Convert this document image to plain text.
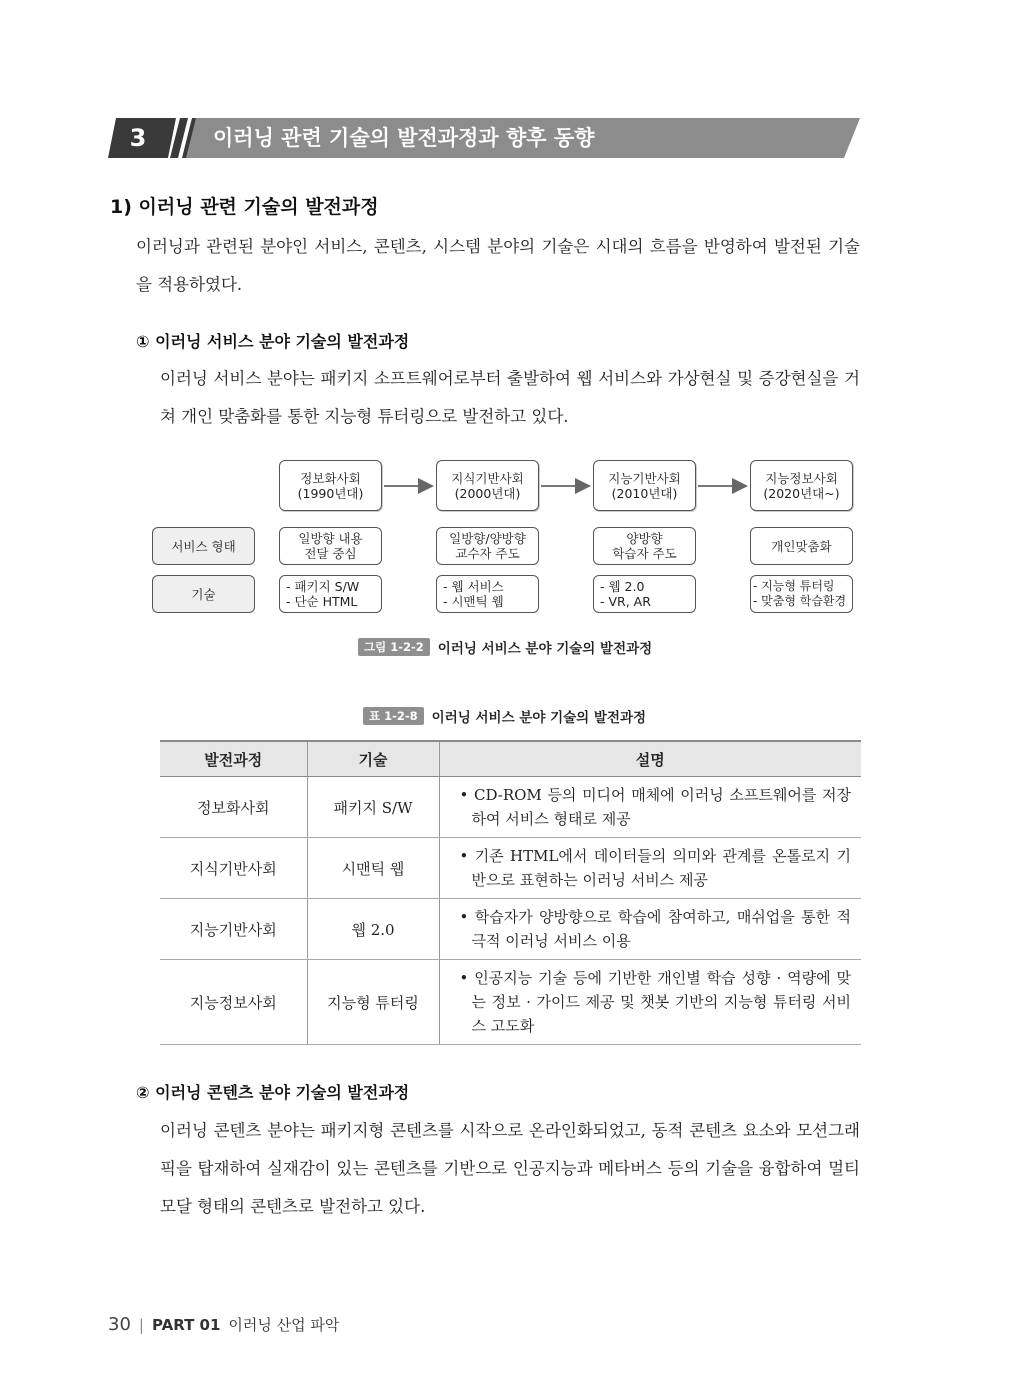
3	이러닝 관련 기술의 발전과정과 향후 동향
1) 이러닝 관련 기술의 발전과정
이러닝과 관련된 분야인 서비스, 콘텐츠, 시스템 분야의 기술은 시대의 흐름을 반영하여 발전된 기술을 적용하였다.
① 이러닝 서비스 분야 기술의 발전과정
이러닝 서비스 분야는 패키지 소프트웨어로부터 출발하여 웹 서비스와 가상현실 및 증강현실을 거쳐 개인 맞춤화를 통한 지능형 튜터링으로 발전하고 있다.
정보화사회
(1990년대)
지식기반사회
(2000년대)
지능기반사회
(2010년대)
지능정보사회
(2020년대~)
서비스 형태	일방향 내용
전달 중심
일방향/양방향
교수자 주도
양방향
학습자 주도	개인맞춤화
기술	- 패키지 S/W
- 단순 HTML
- 웹 서비스
- 시맨틱 웹
- 웹 2.0
- VR, AR
- 지능형 튜터링
- 맞춤형 학습환경
그림 1-2-2	이러닝 서비스 분야 기술의 발전과정
표 1-2-8	이러닝 서비스 분야 기술의 발전과정
발전과정	기술	설명
정보화사회	패키지 S/W	• CD-ROM 등의 미디어 매체에 이러닝 소프트웨어를 저장하여 서비스 형태로 제공
지식기반사회	시맨틱 웹	• 기존 HTML에서 데이터들의 의미와 관계를 온톨로지 기반으로 표현하는 이러닝 서비스 제공
지능기반사회	웹 2.0	• 학습자가 양방향으로 학습에 참여하고, 매쉬업을 통한 적극적 이러닝 서비스 이용
지능정보사회	지능형 튜터링	• 인공지능 기술 등에 기반한 개인별 학습 성향 · 역량에 맞는 정보 · 가이드 제공 및 챗봇 기반의 지능형 튜터링 서비스 고도화
② 이러닝 콘텐츠 분야 기술의 발전과정
이러닝 콘텐츠 분야는 패키지형 콘텐츠를 시작으로 온라인화되었고, 동적 콘텐츠 요소와 모션그래픽을 탑재하여 실재감이 있는 콘텐츠를 기반으로 인공지능과 메타버스 등의 기술을 융합하여 멀티모달 형태의 콘텐츠로 발전하고 있다.
30 | PART 01 이러닝 산업 파악
